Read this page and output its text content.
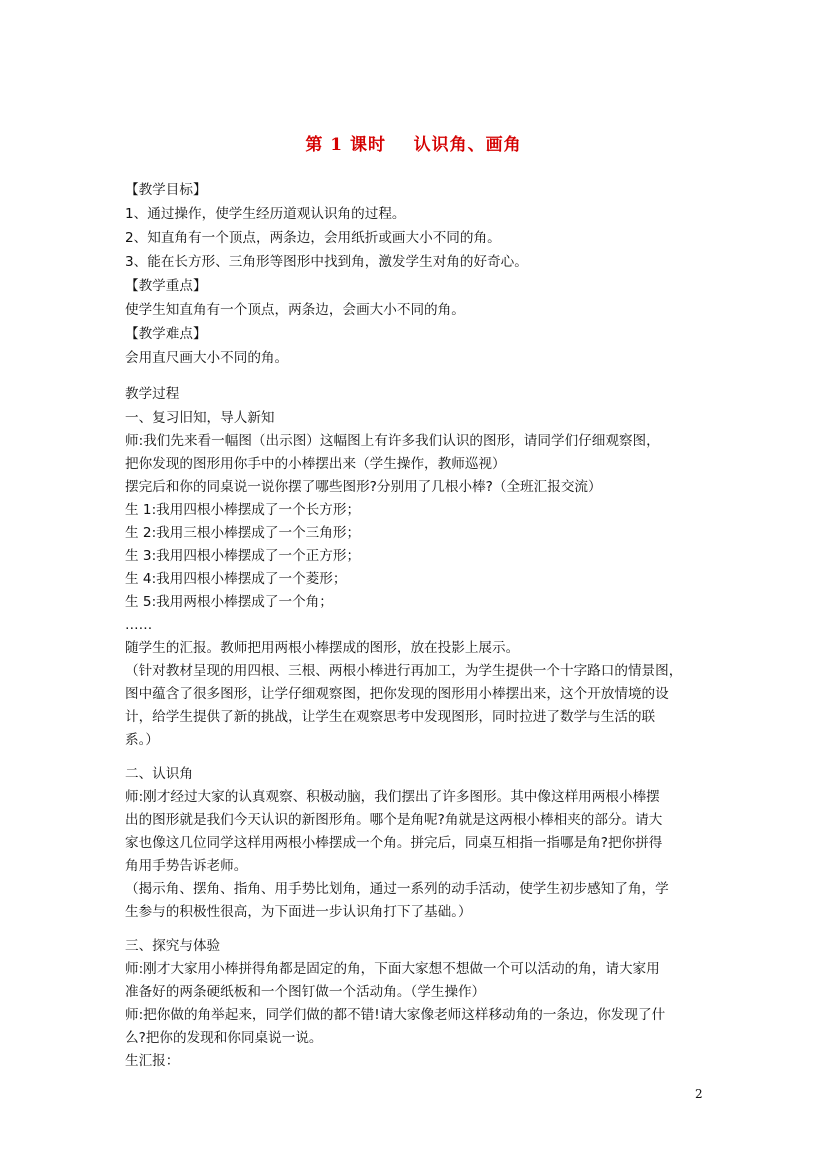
第 1 课时    认识角、画角
【教学目标】
1、通过操作，使学生经历道观认识角的过程。
2、知直角有一个顶点，两条边，会用纸折或画大小不同的角。
3、能在长方形、三角形等图形中找到角，激发学生对角的好奇心。
【教学重点】
使学生知直角有一个顶点，两条边，会画大小不同的角。
【教学难点】
会用直尺画大小不同的角。
教学过程
一、复习旧知，导人新知
师:我们先来看一幅图（出示图）这幅图上有许多我们认识的图形，请同学们仔细观察图，
把你发现的图形用你手中的小棒摆出来（学生操作，教师巡视）
摆完后和你的同桌说一说你摆了哪些图形?分别用了几根小棒?（全班汇报交流）
生 1:我用四根小棒摆成了一个长方形；
生 2:我用三根小棒摆成了一个三角形；
生 3:我用四根小棒摆成了一个正方形；
生 4:我用四根小棒摆成了一个菱形；
生 5:我用两根小棒摆成了一个角；
……
随学生的汇报。教师把用两根小棒摆成的图形，放在投影上展示。
（针对教材呈现的用四根、三根、两根小棒进行再加工，为学生提供一个十字路口的情景图，
图中蕴含了很多图形，让学仔细观察图，把你发现的图形用小棒摆出来，这个开放情境的设
计，给学生提供了新的挑战，让学生在观察思考中发现图形，同时拉进了数学与生活的联
系。）
二、认识角
师:刚才经过大家的认真观察、积极动脑，我们摆出了许多图形。其中像这样用两根小棒摆
出的图形就是我们今天认识的新图形角。哪个是角呢?角就是这两根小棒相夹的部分。请大
家也像这几位同学这样用两根小棒摆成一个角。拼完后，同桌互相指一指哪是角?把你拼得
角用手势告诉老师。
（揭示角、摆角、指角、用手势比划角，通过一系列的动手活动，使学生初步感知了角，学
生参与的积极性很高，为下面进一步认识角打下了基础。）
三、探究与体验
师:刚才大家用小棒拼得角都是固定的角，下面大家想不想做一个可以活动的角，请大家用
准备好的两条硬纸板和一个图钉做一个活动角。（学生操作）
师:把你做的角举起来，同学们做的都不错!请大家像老师这样移动角的一条边，你发现了什
么?把你的发现和你同桌说一说。
生汇报：
2
